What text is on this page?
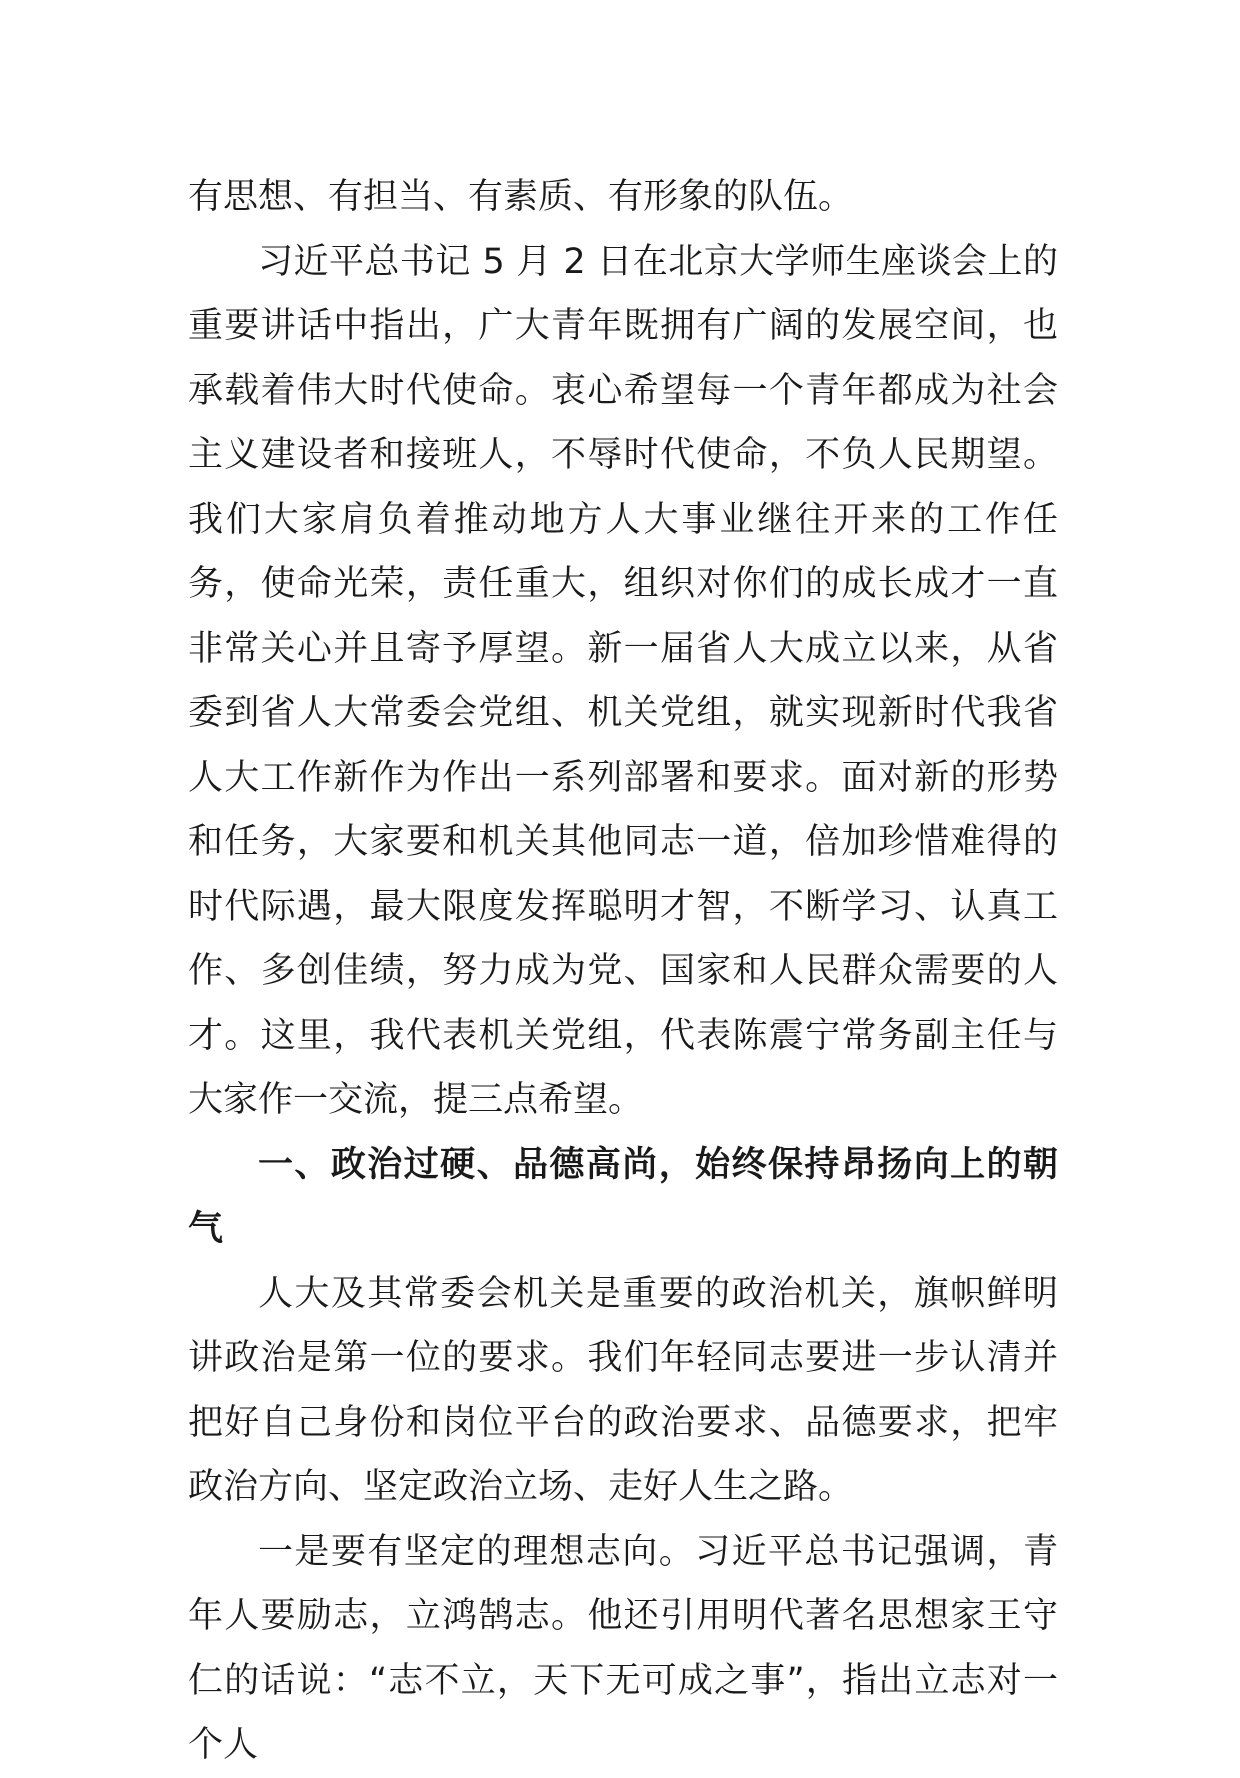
有思想、有担当、有素质、有形象的队伍。

习近平总书记 5 月 2 日在北京大学师生座谈会上的重要讲话中指出，广大青年既拥有广阔的发展空间，也承载着伟大时代使命。衷心希望每一个青年都成为社会主义建设者和接班人，不辱时代使命，不负人民期望。我们大家肩负着推动地方人大事业继往开来的工作任务，使命光荣，责任重大，组织对你们的成长成才一直非常关心并且寄予厚望。新一届省人大成立以来，从省委到省人大常委会党组、机关党组，就实现新时代我省人大工作新作为作出一系列部署和要求。面对新的形势和任务，大家要和机关其他同志一道，倍加珍惜难得的时代际遇，最大限度发挥聪明才智，不断学习、认真工作、多创佳绩，努力成为党、国家和人民群众需要的人才。这里，我代表机关党组，代表陈震宁常务副主任与大家作一交流，提三点希望。

一、政治过硬、品德高尚，始终保持昂扬向上的朝气

人大及其常委会机关是重要的政治机关，旗帜鲜明讲政治是第一位的要求。我们年轻同志要进一步认清并把好自己身份和岗位平台的政治要求、品德要求，把牢政治方向、坚定政治立场、走好人生之路。

一是要有坚定的理想志向。习近平总书记强调，青年人要励志，立鸿鹄志。他还引用明代著名思想家王守仁的话说：“志不立，天下无可成之事”，指出立志对一个人
